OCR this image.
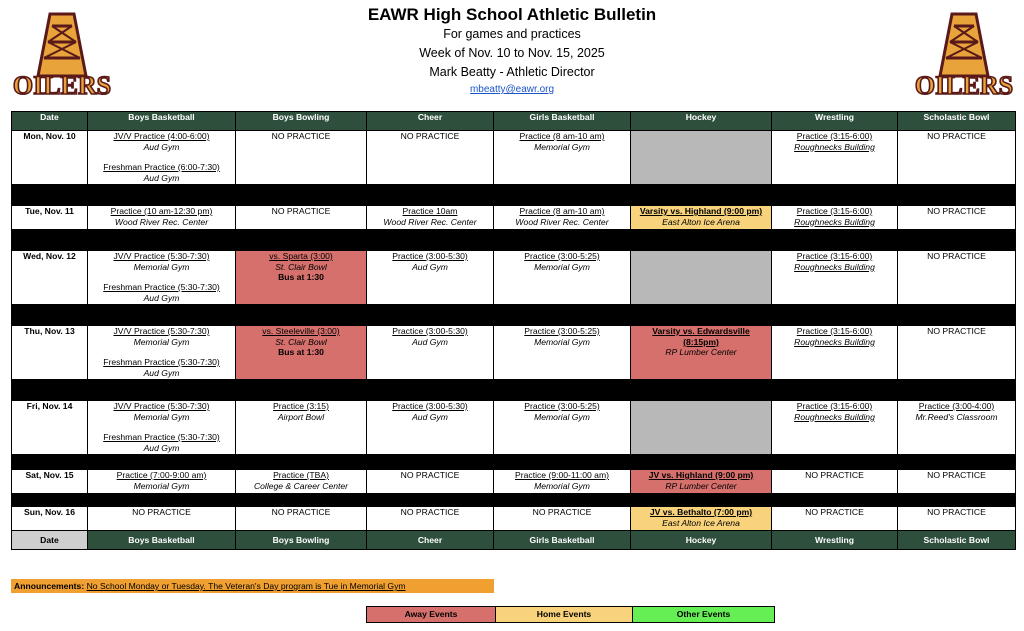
EAWR High School Athletic Bulletin
For games and practices
Week of Nov. 10 to Nov. 15, 2025
Mark Beatty - Athletic Director
mbeatty@eawr.org
OILERS	OILERS
Date	Boys Basketball	Boys Bowling	Cheer	Girls Basketball	Hockey	Wrestling	Scholastic Bowl
Mon, Nov. 10	JV/V Practice (4:00-6:00)
Aud Gym
Freshman Practice (6:00-7:30)
Aud Gym	NO PRACTICE	NO PRACTICE	Practice (8 am-10 am)
Memorial Gym		Practice (3:15-6:00)
Roughnecks Building	NO PRACTICE

Tue, Nov. 11	Practice (10 am-12:30 pm)
Wood River Rec. Center	NO PRACTICE	Practice 10am
Wood River Rec. Center	Practice (8 am-10 am)
Wood River Rec. Center	Varsity vs. Highland (9:00 pm)
East Alton Ice Arena	Practice (3:15-6:00)
Roughnecks Building	NO PRACTICE

Wed, Nov. 12	JV/V Practice (5:30-7:30)
Memorial Gym
Freshman Practice (5:30-7:30)
Aud Gym	vs. Sparta (3:00)
St. Clair Bowl
Bus at 1:30	Practice (3:00-5:30)
Aud Gym	Practice (3:00-5:25)
Memorial Gym		Practice (3:15-6:00)
Roughnecks Building	NO PRACTICE

Thu, Nov. 13	JV/V Practice (5:30-7:30)
Memorial Gym
Freshman Practice (5:30-7:30)
Aud Gym	vs. Steeleville (3:00)
St. Clair Bowl
Bus at 1:30	Practice (3:00-5:30)
Aud Gym	Practice (3:00-5:25)
Memorial Gym	Varsity vs. Edwardsville
(8:15pm)
RP Lumber Center	Practice (3:15-6:00)
Roughnecks Building	NO PRACTICE

Fri, Nov. 14	JV/V Practice (5:30-7:30)
Memorial Gym
Freshman Practice (5:30-7:30)
Aud Gym	Practice (3:15)
Airport Bowl	Practice (3:00-5:30)
Aud Gym	Practice (3:00-5:25)
Memorial Gym		Practice (3:15-6:00)
Roughnecks Building	Practice (3:00-4:00)
Mr.Reed's Classroom

Sat, Nov. 15	Practice (7:00-9:00 am)
Memorial Gym	Practice (TBA)
College & Career Center	NO PRACTICE	Practice (9:00-11:00 am)
Memorial Gym	JV vs. Highland (9:00 pm)
RP Lumber Center	NO PRACTICE	NO PRACTICE

Sun, Nov. 16	NO PRACTICE	NO PRACTICE	NO PRACTICE	NO PRACTICE	JV vs. Bethalto (7:00 pm)
East Alton Ice Arena	NO PRACTICE	NO PRACTICE

Date	Boys Basketball	Boys Bowling	Cheer	Girls Basketball	Hockey	Wrestling	Scholastic Bowl
Announcements: No School Monday or Tuesday. The Veteran's Day program is Tue in Memorial Gym
Away Events	Home Events	Other Events
